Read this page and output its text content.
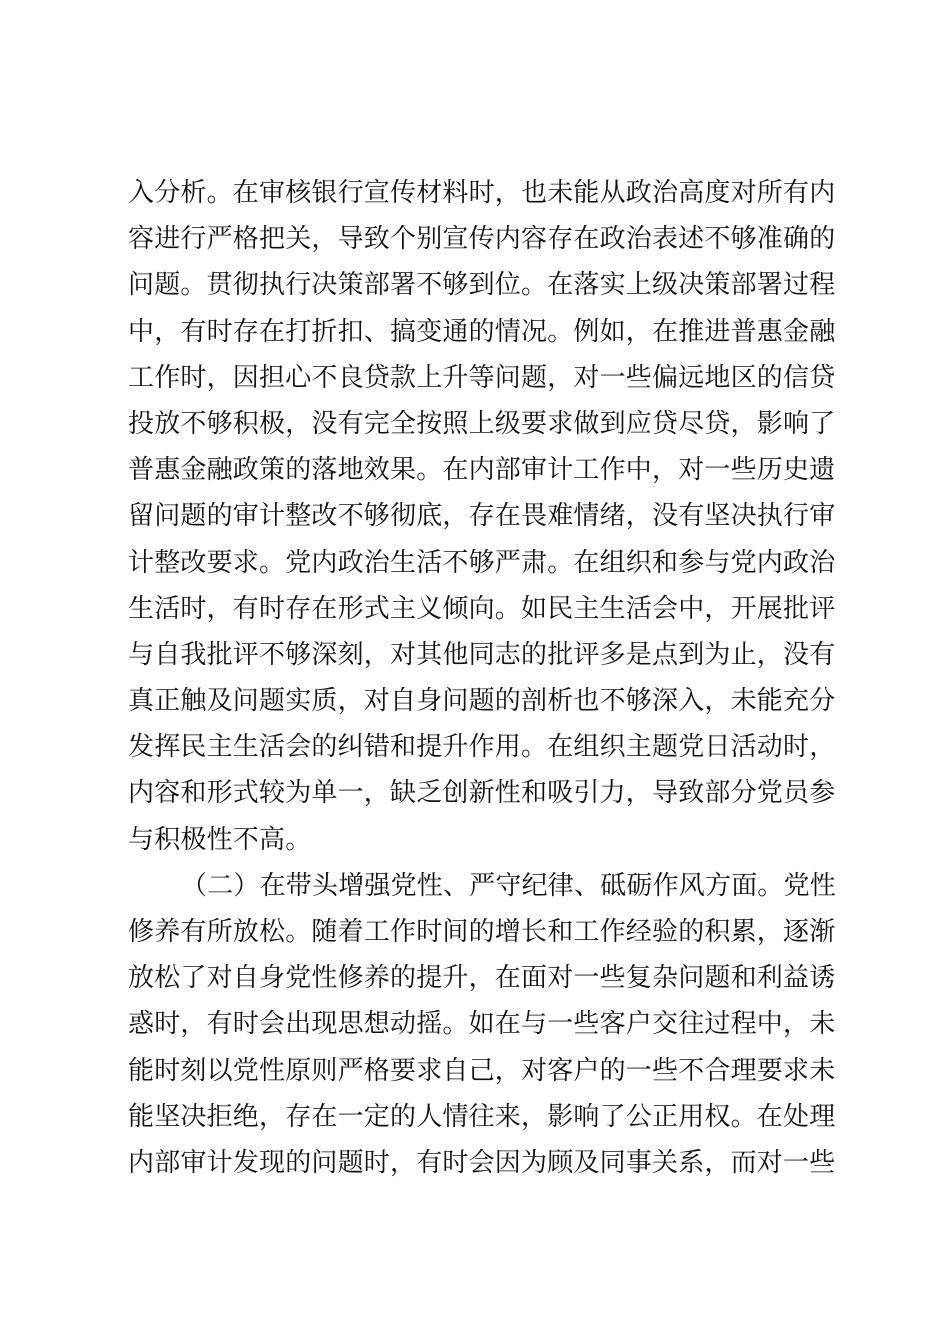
入分析。在审核银行宣传材料时，也未能从政治高度对所有内
容进行严格把关，导致个别宣传内容存在政治表述不够准确的
问题。贯彻执行决策部署不够到位。在落实上级决策部署过程
中，有时存在打折扣、搞变通的情况。例如，在推进普惠金融
工作时，因担心不良贷款上升等问题，对一些偏远地区的信贷
投放不够积极，没有完全按照上级要求做到应贷尽贷，影响了
普惠金融政策的落地效果。在内部审计工作中，对一些历史遗
留问题的审计整改不够彻底，存在畏难情绪，没有坚决执行审
计整改要求。党内政治生活不够严肃。在组织和参与党内政治
生活时，有时存在形式主义倾向。如民主生活会中，开展批评
与自我批评不够深刻，对其他同志的批评多是点到为止，没有
真正触及问题实质，对自身问题的剖析也不够深入，未能充分
发挥民主生活会的纠错和提升作用。在组织主题党日活动时，
内容和形式较为单一，缺乏创新性和吸引力，导致部分党员参
与积极性不高。
（二）在带头增强党性、严守纪律、砥砺作风方面。党性
修养有所放松。随着工作时间的增长和工作经验的积累，逐渐
放松了对自身党性修养的提升，在面对一些复杂问题和利益诱
惑时，有时会出现思想动摇。如在与一些客户交往过程中，未
能时刻以党性原则严格要求自己，对客户的一些不合理要求未
能坚决拒绝，存在一定的人情往来，影响了公正用权。在处理
内部审计发现的问题时，有时会因为顾及同事关系，而对一些
